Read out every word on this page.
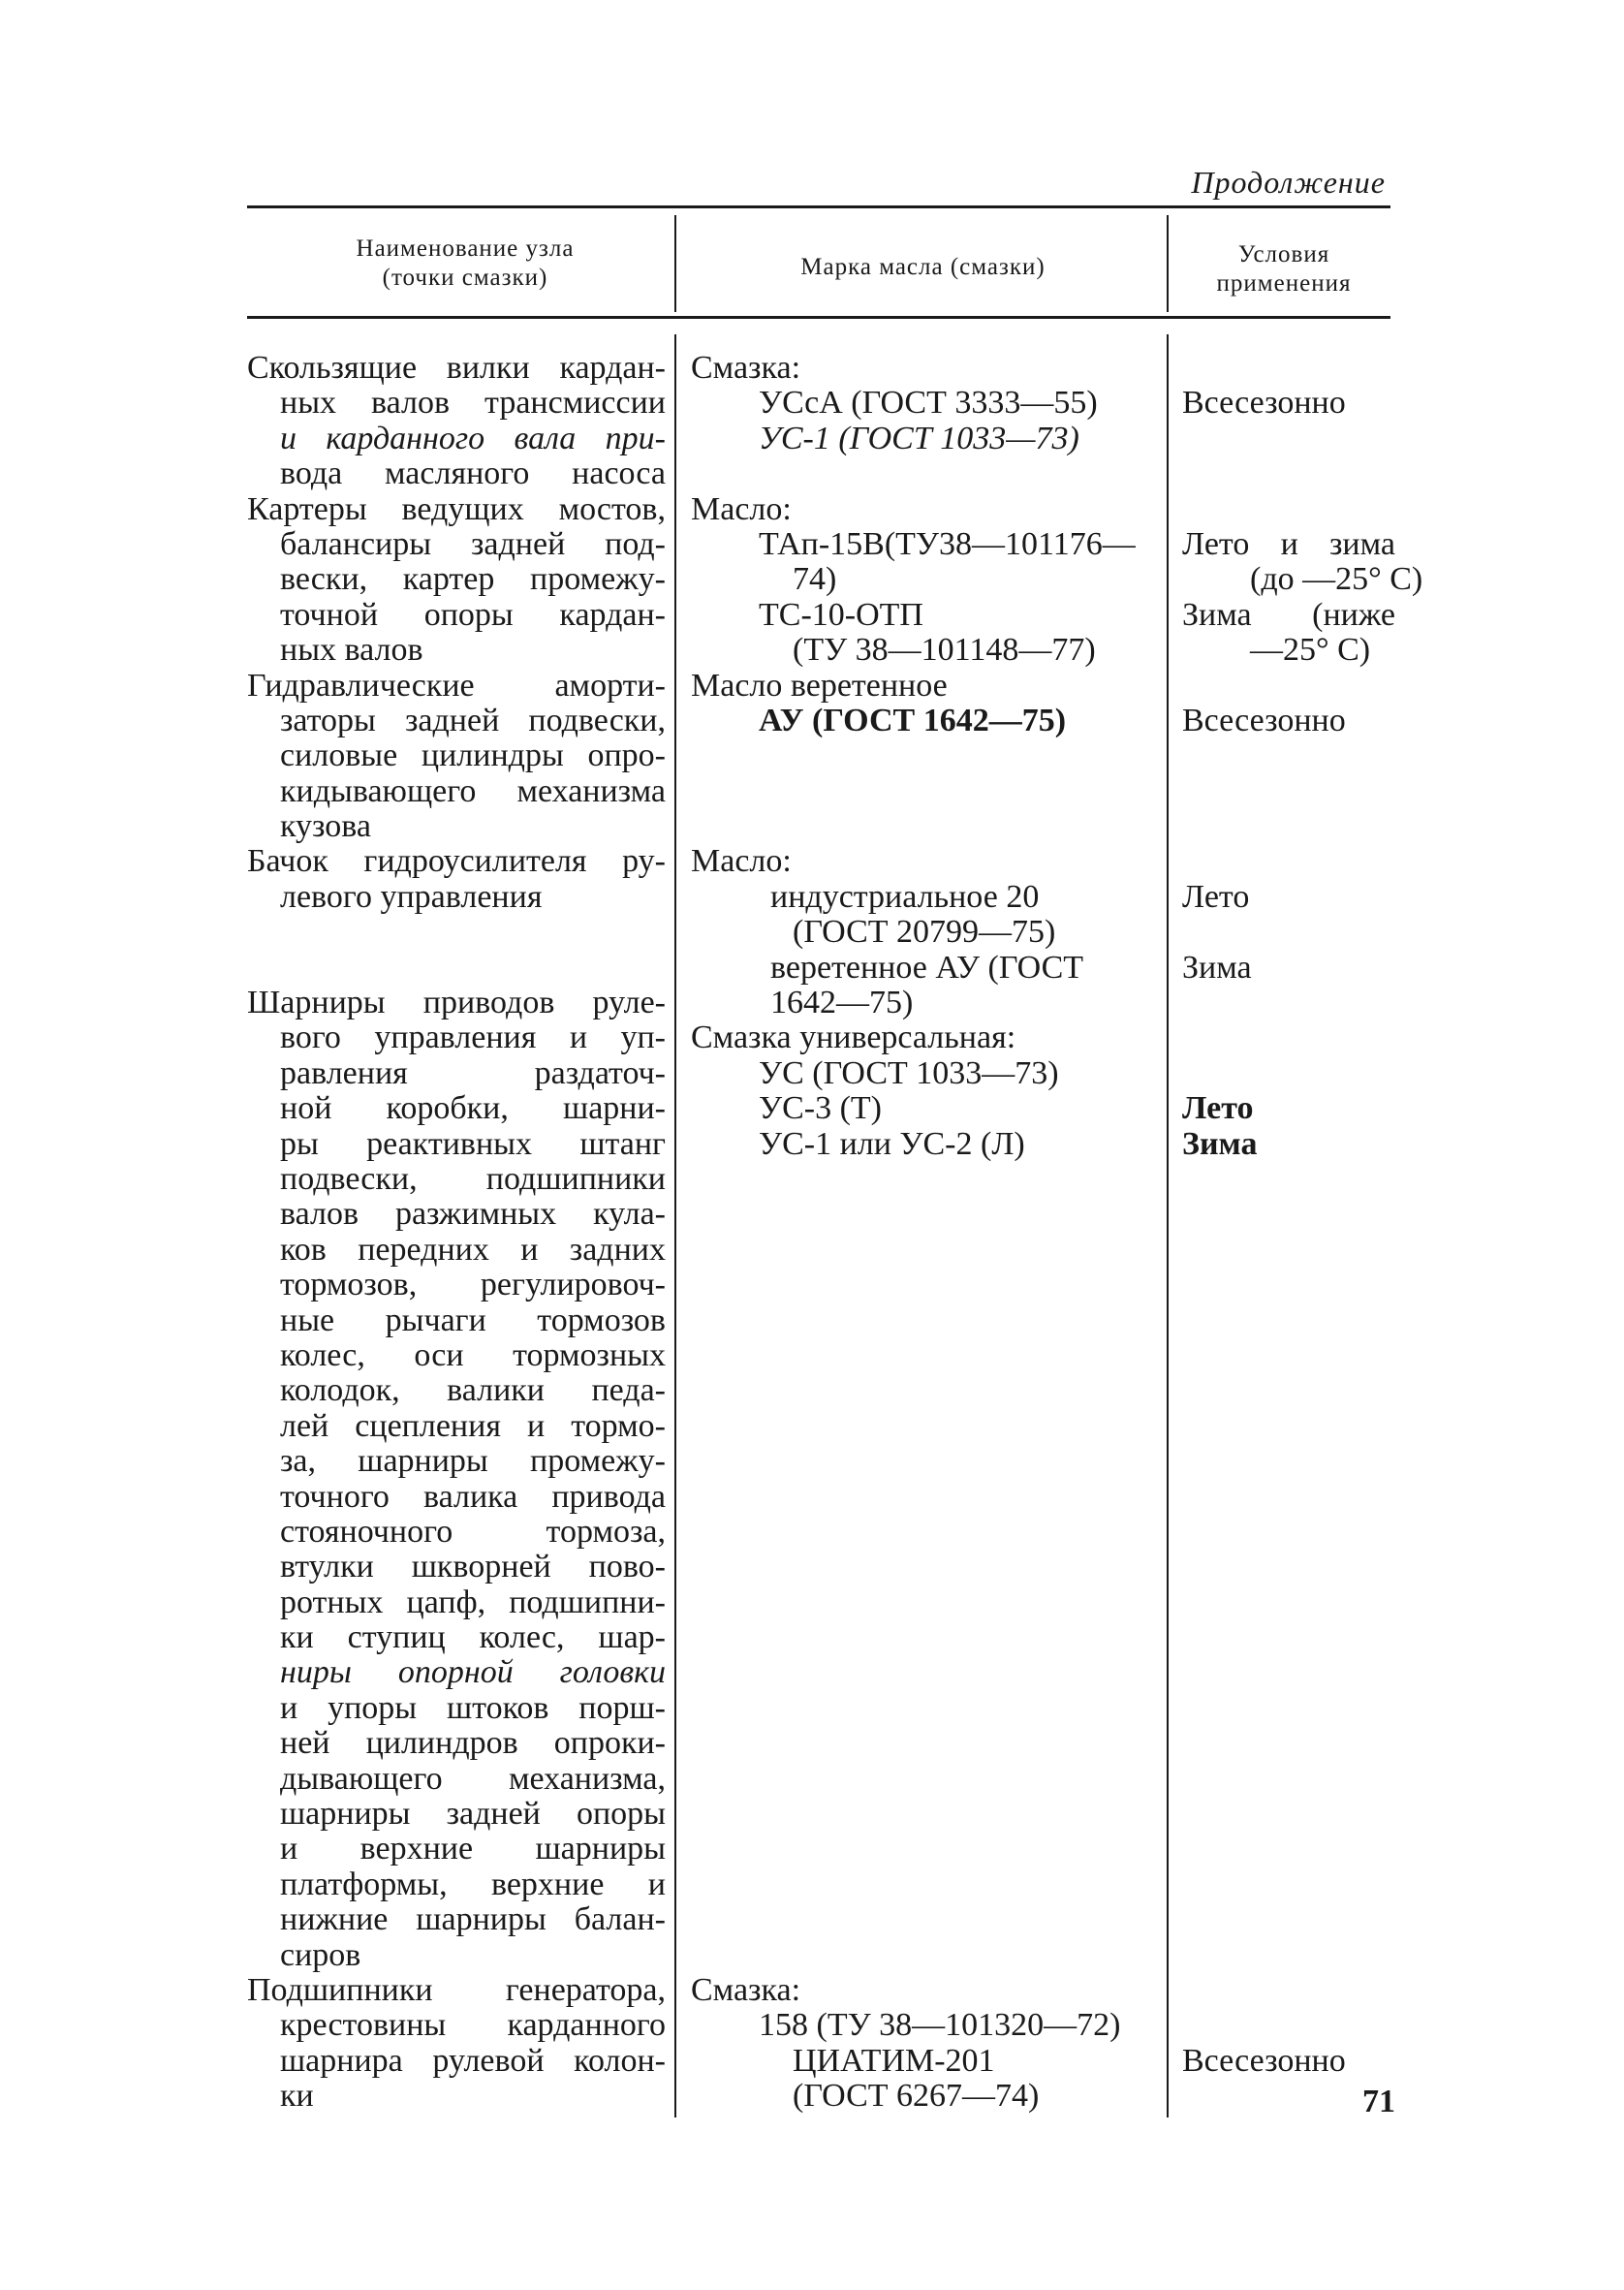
Продолжение
Наименование узла
(точки смазки)	Марка масла (смазки)	Условия
применения
Скользящие вилки кардан-
ных валов трансмиссии
и карданного вала при-
вода масляного насоса
Картеры ведущих мостов,
балансиры задней под-
вески, картер промежу-
точной опоры кардан-
ных валов
Гидравлические аморти-
заторы задней подвески,
силовые цилиндры опро-
кидывающего механизма
кузова
Бачок гидроусилителя ру-
левого управления
Шарниры приводов руле-
вого управления и уп-
равления раздаточ-
ной коробки, шарни-
ры реактивных штанг
подвески, подшипники
валов разжимных кула-
ков передних и задних
тормозов, регулировоч-
ные рычаги тормозов
колес, оси тормозных
колодок, валики педа-
лей сцепления и тормо-
за, шарниры промежу-
точного валика привода
стояночного тормоза,
втулки шкворней пово-
ротных цапф, подшипни-
ки ступиц колес, шар-
ниры опорной головки
и упоры штоков порш-
ней цилиндров опроки-
дывающего механизма,
шарниры задней опоры
и верхние шарниры
платформы, верхние и
нижние шарниры балан-
сиров
Подшипники генератора,
крестовины карданного
шарнира рулевой колон-
ки
Смазка:
УСсА (ГОСТ 3333—55)
УС-1 (ГОСТ 1033—73)
Масло:
ТАп-15В(ТУ38—101176—
74)
ТС-10-ОТП
(ТУ 38—101148—77)
Масло веретенное
АУ (ГОСТ 1642—75)
Масло:
индустриальное 20
(ГОСТ 20799—75)
веретенное АУ (ГОСТ
1642—75)
Смазка универсальная:
УС (ГОСТ 1033—73)
УС-3 (Т)
УС-1 или УС-2 (Л)
Смазка:
158 (ТУ 38—101320—72)
ЦИАТИМ-201
(ГОСТ 6267—74)
Всесезонно
Лето и зима
(до —25° С)
Зима (ниже
—25° С)
Всесезонно
Лето
Зима
Лето
Зима
Всесезонно
71
